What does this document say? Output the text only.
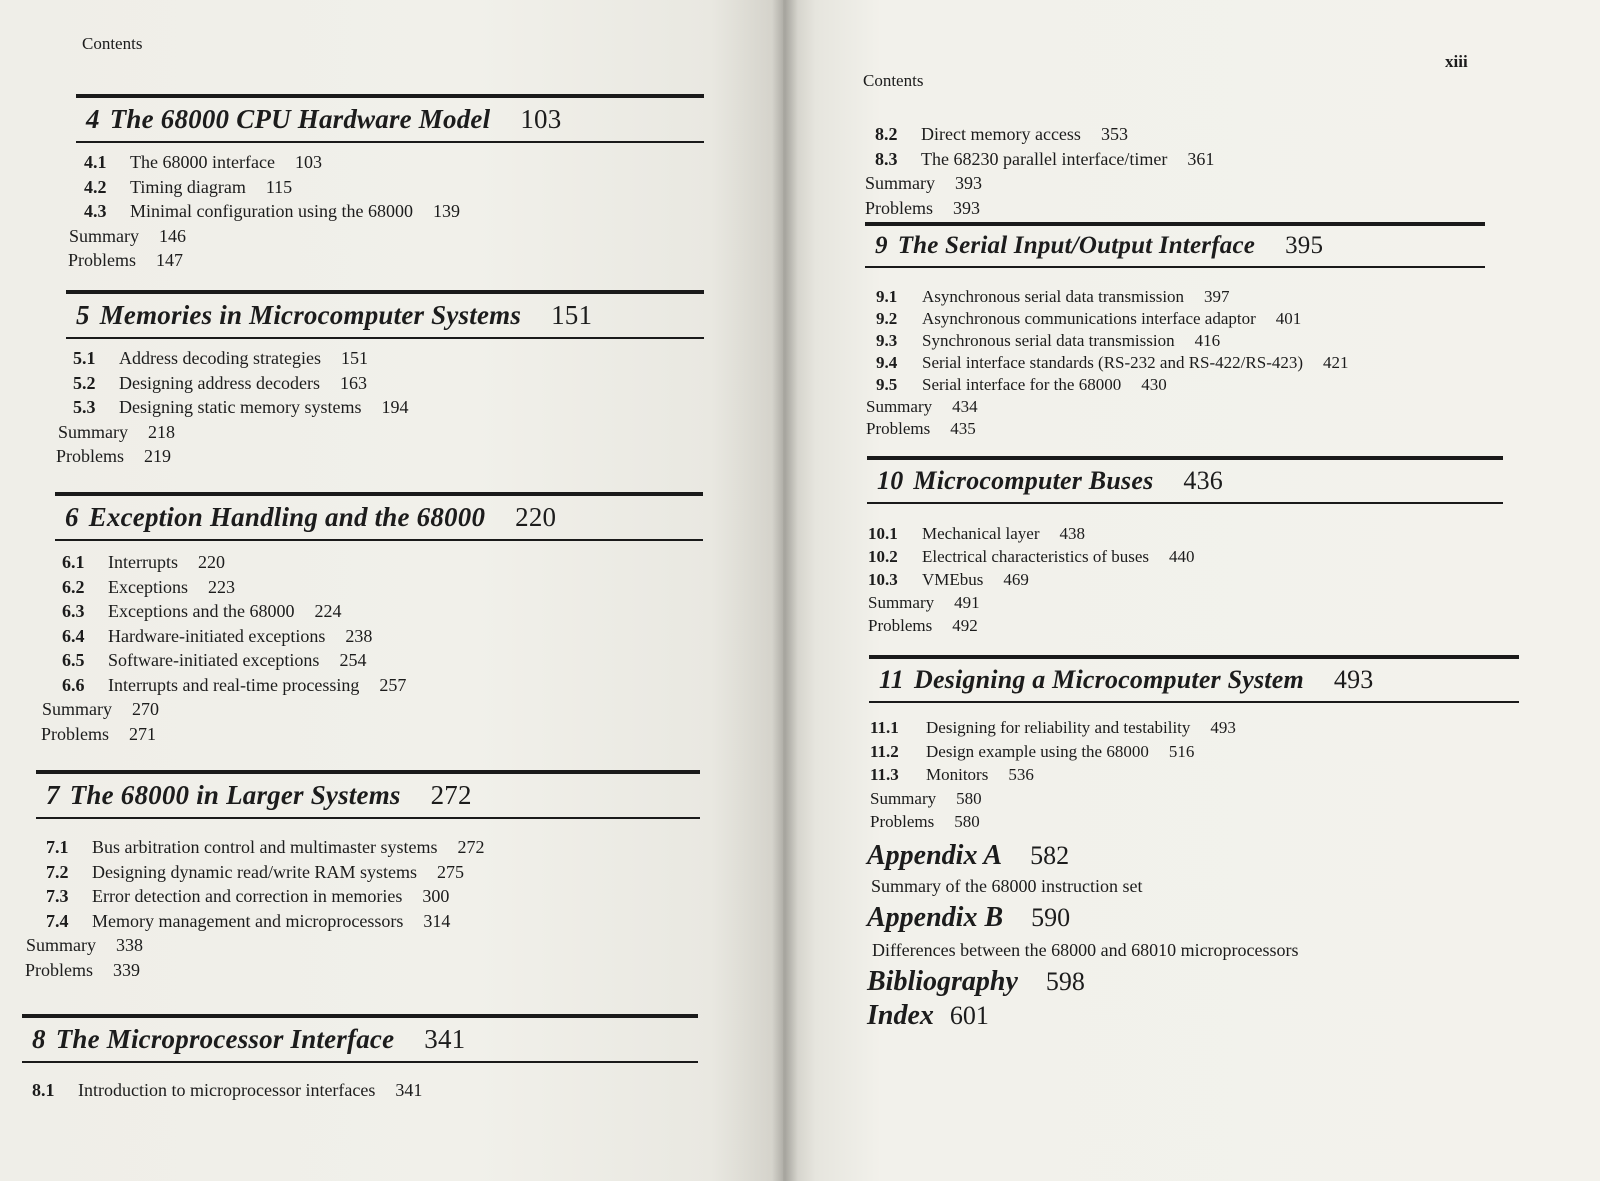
Contents
4 The 68000 CPU Hardware Model 103
4.1 The 68000 interface 103
4.2 Timing diagram 115
4.3 Minimal configuration using the 68000 139
Summary 146
Problems 147
5 Memories in Microcomputer Systems 151
5.1 Address decoding strategies 151
5.2 Designing address decoders 163
5.3 Designing static memory systems 194
Summary 218
Problems 219
6 Exception Handling and the 68000 220
6.1 Interrupts 220
6.2 Exceptions 223
6.3 Exceptions and the 68000 224
6.4 Hardware-initiated exceptions 238
6.5 Software-initiated exceptions 254
6.6 Interrupts and real-time processing 257
Summary 270
Problems 271
7 The 68000 in Larger Systems 272
7.1 Bus arbitration control and multimaster systems 272
7.2 Designing dynamic read/write RAM systems 275
7.3 Error detection and correction in memories 300
7.4 Memory management and microprocessors 314
Summary 338
Problems 339
8 The Microprocessor Interface 341
8.1 Introduction to microprocessor interfaces 341
Contents
xiii
8.2 Direct memory access 353
8.3 The 68230 parallel interface/timer 361
Summary 393
Problems 393
9 The Serial Input/Output Interface 395
9.1 Asynchronous serial data transmission 397
9.2 Asynchronous communications interface adaptor 401
9.3 Synchronous serial data transmission 416
9.4 Serial interface standards (RS-232 and RS-422/RS-423) 421
9.5 Serial interface for the 68000 430
Summary 434
Problems 435
10 Microcomputer Buses 436
10.1 Mechanical layer 438
10.2 Electrical characteristics of buses 440
10.3 VMEbus 469
Summary 491
Problems 492
11 Designing a Microcomputer System 493
11.1 Designing for reliability and testability 493
11.2 Design example using the 68000 516
11.3 Monitors 536
Summary 580
Problems 580
Appendix A 582
Summary of the 68000 instruction set
Appendix B 590
Differences between the 68000 and 68010 microprocessors
Bibliography 598
Index 601
